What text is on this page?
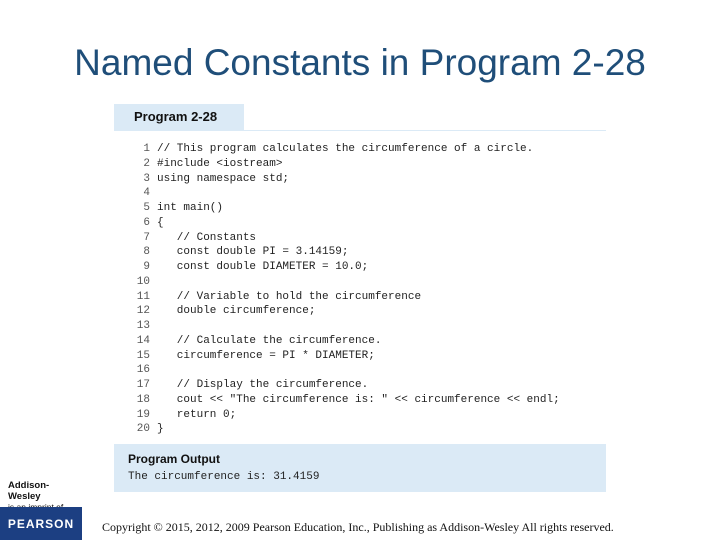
Named Constants in Program 2-28
Program 2-28
1 // This program calculates the circumference of a circle.
2 #include <iostream>
3 using namespace std;
4
5 int main()
6 {
7 // Constants
8 const double PI = 3.14159;
9 const double DIAMETER = 10.0;
10
11 // Variable to hold the circumference
12 double circumference;
13
14 // Calculate the circumference.
15 circumference = PI * DIAMETER;
16
17 // Display the circumference.
18 cout << "The circumference is: " << circumference << endl;
19 return 0;
20 }
Program Output
The circumference is: 31.4159
Addison-Wesley
PEARSON	Copyright © 2015, 2012, 2009 Pearson Education, Inc., Publishing as Addison-Wesley All rights reserved.
